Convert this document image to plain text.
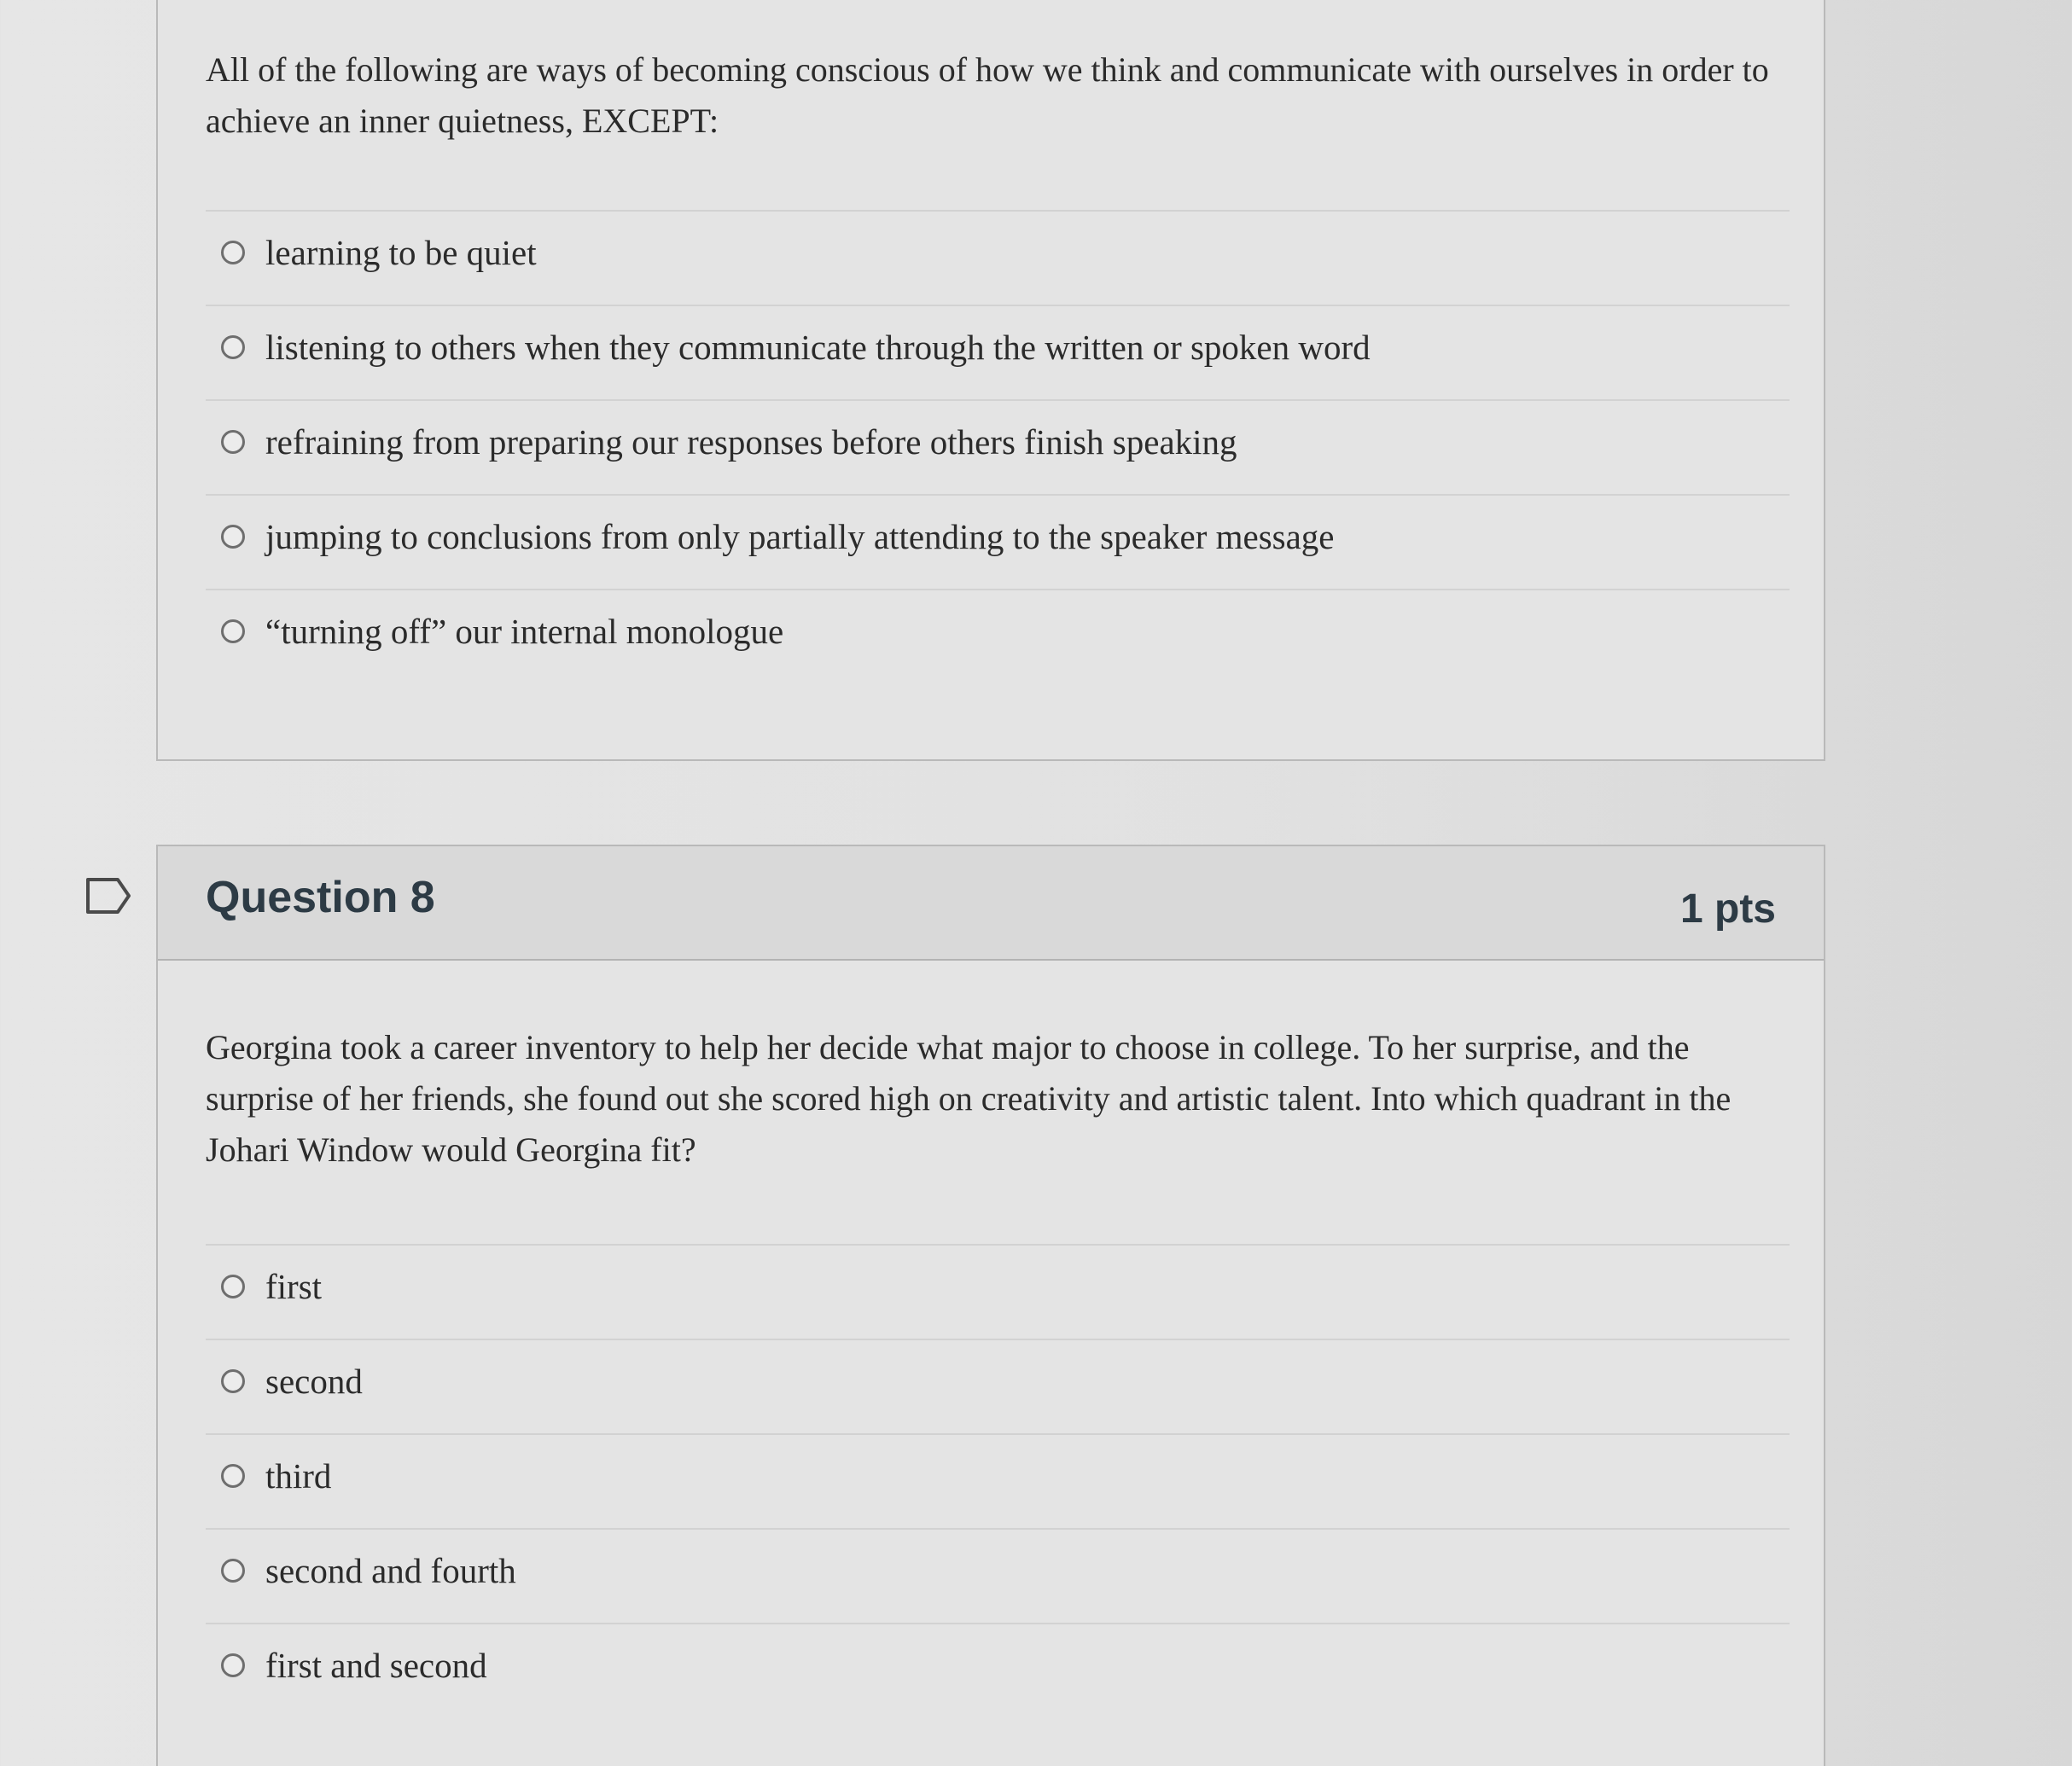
All of the following are ways of becoming conscious of how we think and communicate with ourselves in order to achieve an inner quietness, EXCEPT:
learning to be quiet
listening to others when they communicate through the written or spoken word
refraining from preparing our responses before others finish speaking
jumping to conclusions from only partially attending to the speaker message
“turning off” our internal monologue
Question 8	1 pts
Georgina took a career inventory to help her decide what major to choose in college. To her surprise, and the surprise of her friends, she found out she scored high on creativity and artistic talent. Into which quadrant in the Johari Window would Georgina fit?
first
second
third
second and fourth
first and second
